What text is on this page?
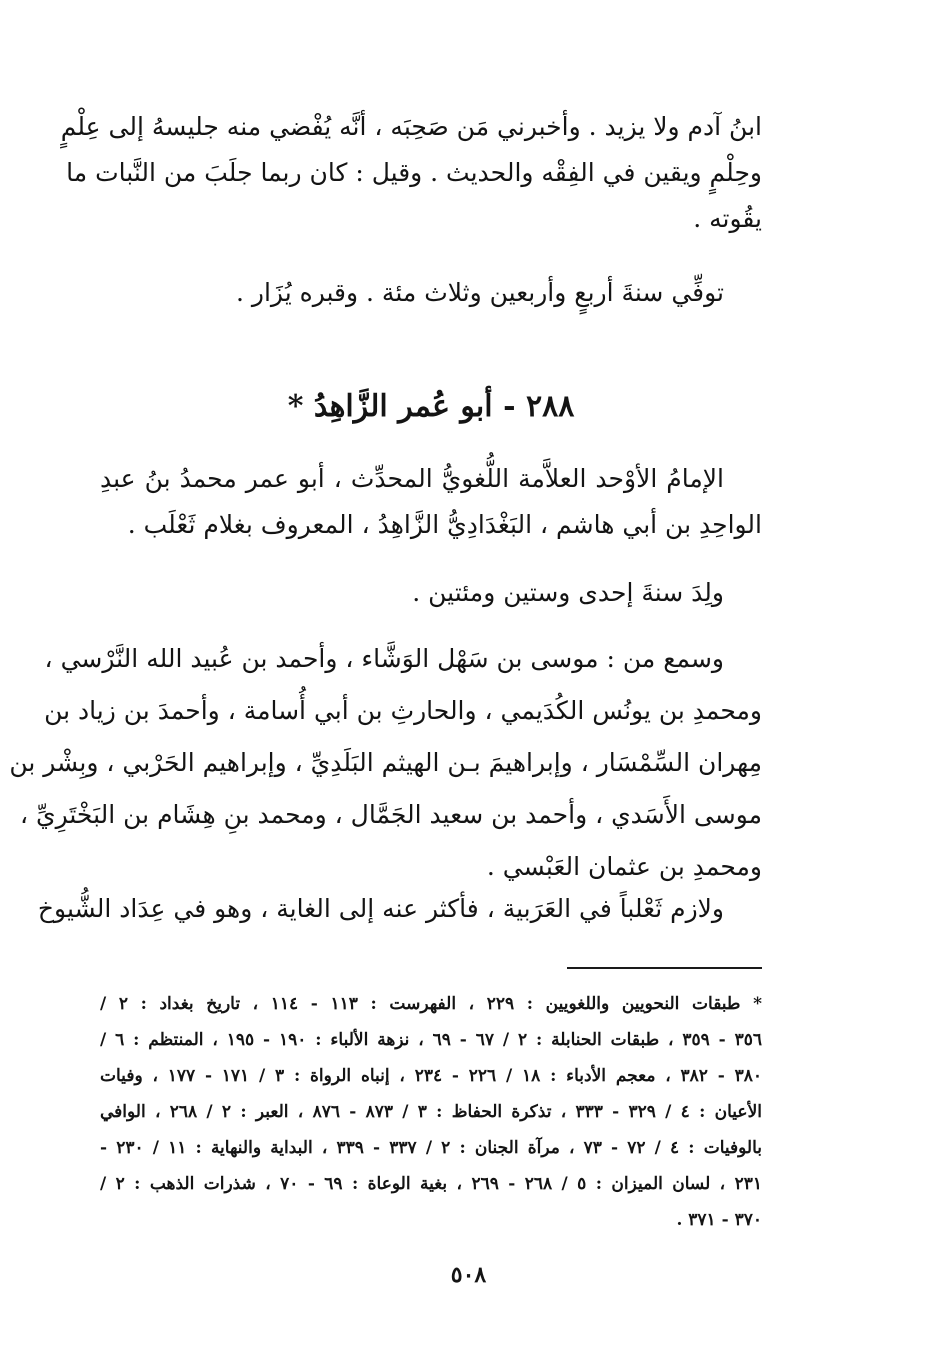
ابنُ آدم ولا يزيد . وأخبرني مَن صَحِبَه ، أنَّه يُفْضي منه جليسهُ إلى عِلْمٍ
وحِلْمٍ ويقين في الفِقْه والحديث . وقيل : كان ربما جلَبَ من النَّبات ما
يقُوته .
توفِّي سنةَ أربعٍ وأربعين وثلاث مئة . وقبره يُزَار .
٢٨٨ - أبو عُمر الزَّاهِدُ *
الإمامُ الأوْحد العلاَّمة اللُّغويُّ المحدِّث ، أبو عمر محمدُ بنُ عبدِ
الواحِدِ بن أبي هاشم ، البَغْدَادِيُّ الزَّاهِدُ ، المعروف بغلام ثَعْلَب .
ولِدَ سنةَ إحدى وستين ومئتين .
وسمع من : موسى بن سَهْل الوَشَّاء ، وأحمد بن عُبيد الله النَّرْسي ،
ومحمدِ بن يونُس الكُدَيمي ، والحارثِ بن أبي أُسامة ، وأحمدَ بن زياد بن
مِهران السِّمْسَار ، وإبراهيمَ بـن الهيثم البَلَدِيِّ ، وإبراهيم الحَرْبي ، وبِشْر بن
موسى الأَسَدي ، وأحمد بن سعيد الجَمَّال ، ومحمد بنِ هِشَام بن البَخْتَرِيِّ ،
ومحمدِ بن عثمان العَبْسي .
ولازم ثَعْلباً في العَرَبية ، فأكثر عنه إلى الغاية ، وهو في عِدَاد الشُّيوخ
* طبقات النحويين واللغويين : ٢٢٩ ، الفهرست : ١١٣ - ١١٤ ، تاريخ بغداد : ٢ /
٣٥٦ - ٣٥٩ ، طبقات الحنابلة : ٢ / ٦٧ - ٦٩ ، نزهة الألباء : ١٩٠ - ١٩٥ ، المنتظم : ٦ /
٣٨٠ - ٣٨٢ ، معجم الأدباء : ١٨ / ٢٢٦ - ٢٣٤ ، إنباه الرواة : ٣ / ١٧١ - ١٧٧ ، وفيات
الأعيان : ٤ / ٣٢٩ - ٣٣٣ ، تذكرة الحفاظ : ٣ / ٨٧٣ - ٨٧٦ ، العبر : ٢ / ٢٦٨ ، الوافي
بالوفيات : ٤ / ٧٢ - ٧٣ ، مرآة الجنان : ٢ / ٣٣٧ - ٣٣٩ ، البداية والنهاية : ١١ / ٢٣٠ -
٢٣١ ، لسان الميزان : ٥ / ٢٦٨ - ٢٦٩ ، بغية الوعاة : ٦٩ - ٧٠ ، شذرات الذهب : ٢ /
٣٧٠ - ٣٧١ .
٥٠٨
